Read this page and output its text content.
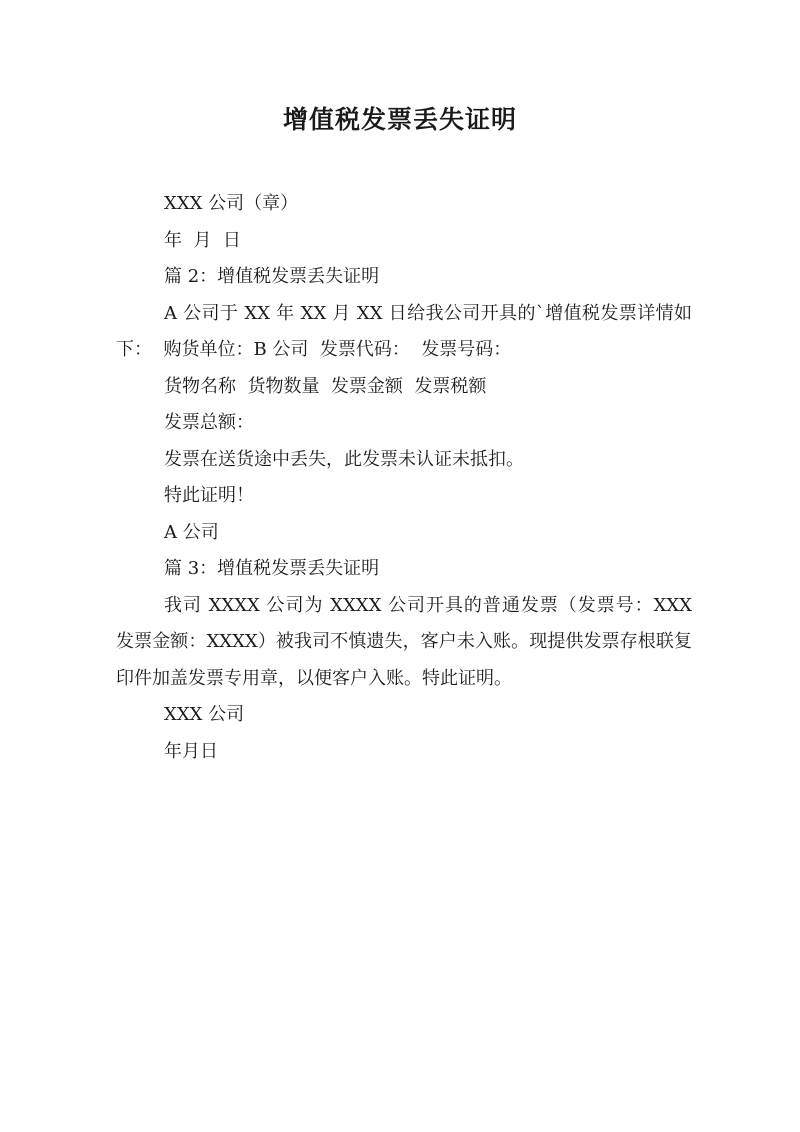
增值税发票丢失证明

XXX 公司（章）

年  月  日

篇 2：增值税发票丢失证明

A 公司于 XX 年 XX 月 XX 日给我公司开具的`增值税发票详情如下：  购货单位：B 公司  发票代码：  发票号码：

货物名称  货物数量  发票金额  发票税额

发票总额：

发票在送货途中丢失，此发票未认证未抵扣。

特此证明！

A 公司

篇 3：增值税发票丢失证明

我司 XXXX 公司为 XXXX 公司开具的普通发票（发票号：XXX    发票金额：XXXX）被我司不慎遗失，客户未入账。现提供发票存根联复印件加盖发票专用章，以便客户入账。特此证明。

XXX 公司

年月日
